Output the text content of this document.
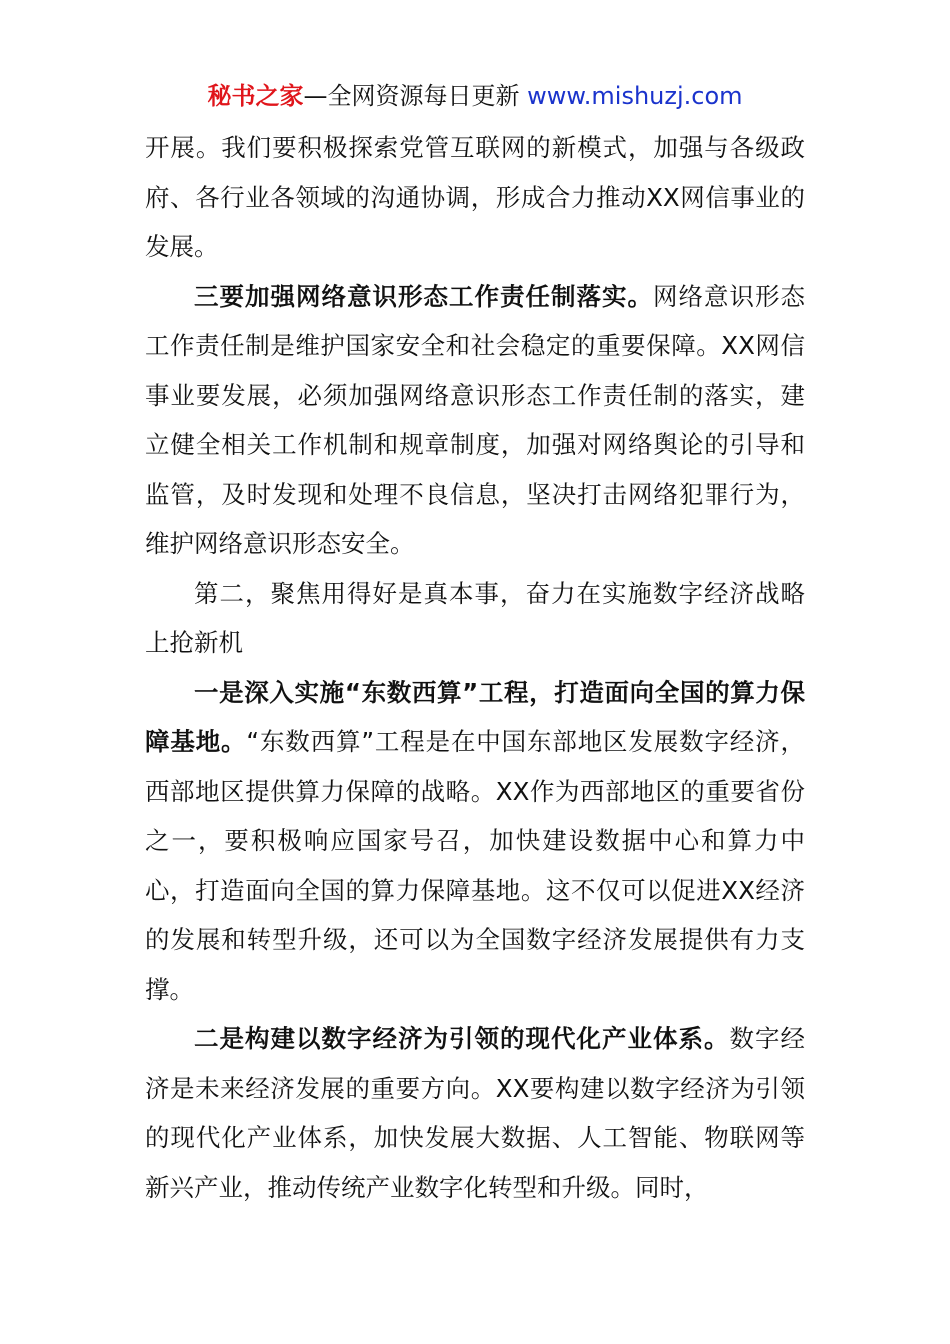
秘书之家—全网资源每日更新 www.mishuzj.com

开展。我们要积极探索党管互联网的新模式，加强与各级政府、各行业各领域的沟通协调，形成合力推动XX网信事业的发展。

三要加强网络意识形态工作责任制落实。网络意识形态工作责任制是维护国家安全和社会稳定的重要保障。XX网信事业要发展，必须加强网络意识形态工作责任制的落实，建立健全相关工作机制和规章制度，加强对网络舆论的引导和监管，及时发现和处理不良信息，坚决打击网络犯罪行为，维护网络意识形态安全。

第二，聚焦用得好是真本事，奋力在实施数字经济战略上抢新机

一是深入实施“东数西算”工程，打造面向全国的算力保障基地。“东数西算”工程是在中国东部地区发展数字经济，西部地区提供算力保障的战略。XX作为西部地区的重要省份之一，要积极响应国家号召，加快建设数据中心和算力中心，打造面向全国的算力保障基地。这不仅可以促进XX经济的发展和转型升级，还可以为全国数字经济发展提供有力支撑。

二是构建以数字经济为引领的现代化产业体系。数字经济是未来经济发展的重要方向。XX要构建以数字经济为引领的现代化产业体系，加快发展大数据、人工智能、物联网等新兴产业，推动传统产业数字化转型和升级。同时，
